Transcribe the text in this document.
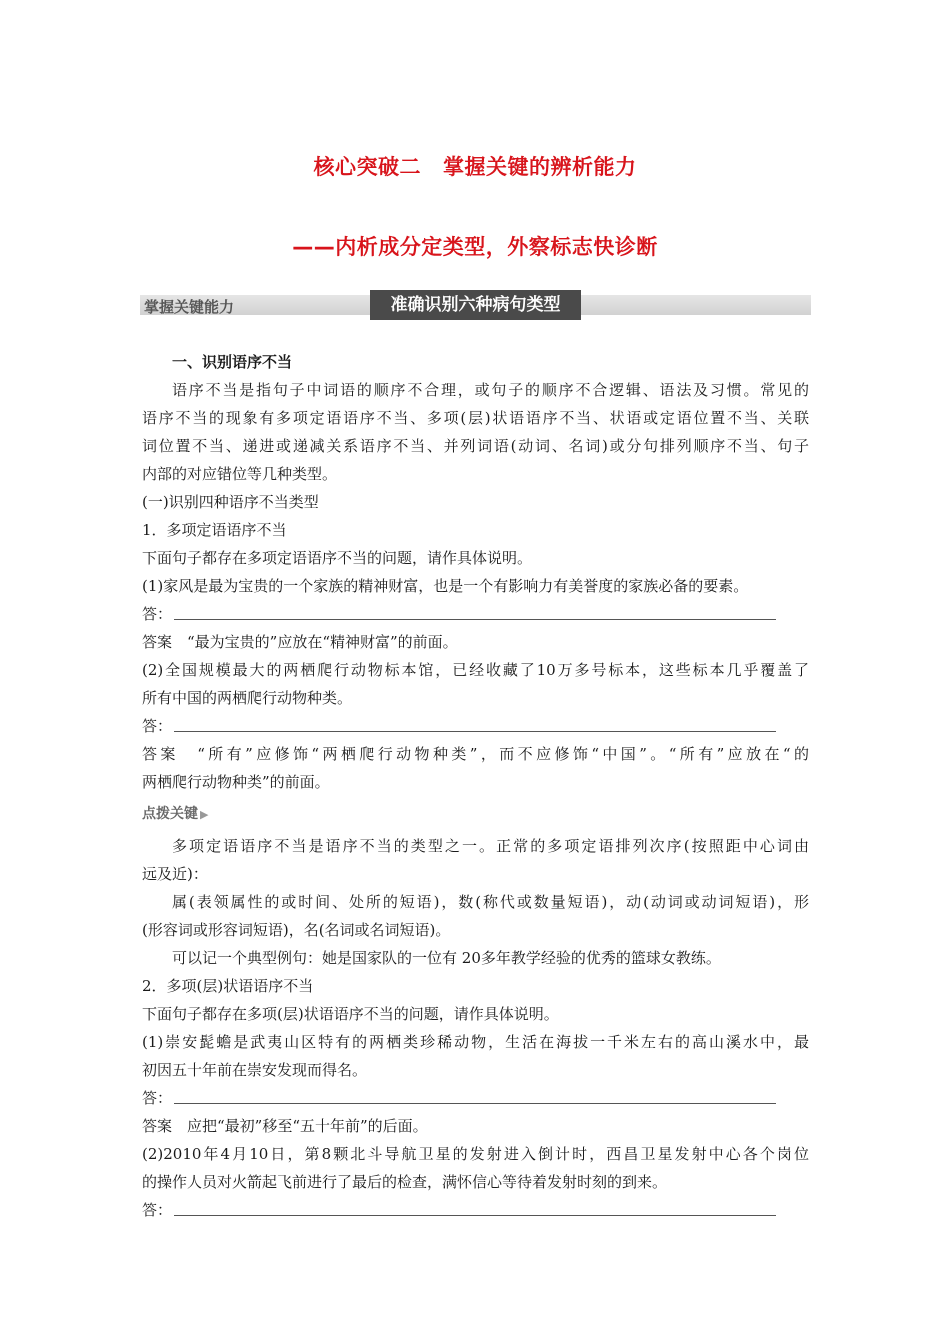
核心突破二 掌握关键的辨析能力
——内析成分定类型，外察标志快诊断
掌握关键能力	准确识别六种病句类型
一、识别语序不当
语序不当是指句子中词语的顺序不合理，或句子的顺序不合逻辑、语法及习惯。常见的
语序不当的现象有多项定语语序不当、多项(层)状语语序不当、状语或定语位置不当、关联
词位置不当、递进或递减关系语序不当、并列词语(动词、名词)或分句排列顺序不当、句子
内部的对应错位等几种类型。
(一)识别四种语序不当类型
1．多项定语语序不当
下面句子都存在多项定语语序不当的问题，请作具体说明。
(1)家风是最为宝贵的一个家族的精神财富，也是一个有影响力有美誉度的家族必备的要素。
答：
答案　“最为宝贵的”应放在“精神财富”的前面。
(2)全国规模最大的两栖爬行动物标本馆，已经收藏了10万多号标本，这些标本几乎覆盖了
所有中国的两栖爬行动物种类。
答：
答案　“所有”应修饰“两栖爬行动物种类”，而不应修饰“中国”。“所有”应放在“的
两栖爬行动物种类”的前面。
点拨关键 ▶
多项定语语序不当是语序不当的类型之一。正常的多项定语排列次序(按照距中心词由
远及近)：
属(表领属性的或时间、处所的短语)，数(称代或数量短语)，动(动词或动词短语)，形
(形容词或形容词短语)，名(名词或名词短语)。
可以记一个典型例句：她是国家队的一位有 20多年教学经验的优秀的篮球女教练。
2．多项(层)状语语序不当
下面句子都存在多项(层)状语语序不当的问题，请作具体说明。
(1)崇安髭蟾是武夷山区特有的两栖类珍稀动物，生活在海拔一千米左右的高山溪水中，最
初因五十年前在崇安发现而得名。
答：
答案　应把“最初”移至“五十年前”的后面。
(2)2010年4月10日，第8颗北斗导航卫星的发射进入倒计时，西昌卫星发射中心各个岗位
的操作人员对火箭起飞前进行了最后的检查，满怀信心等待着发射时刻的到来。
答：
